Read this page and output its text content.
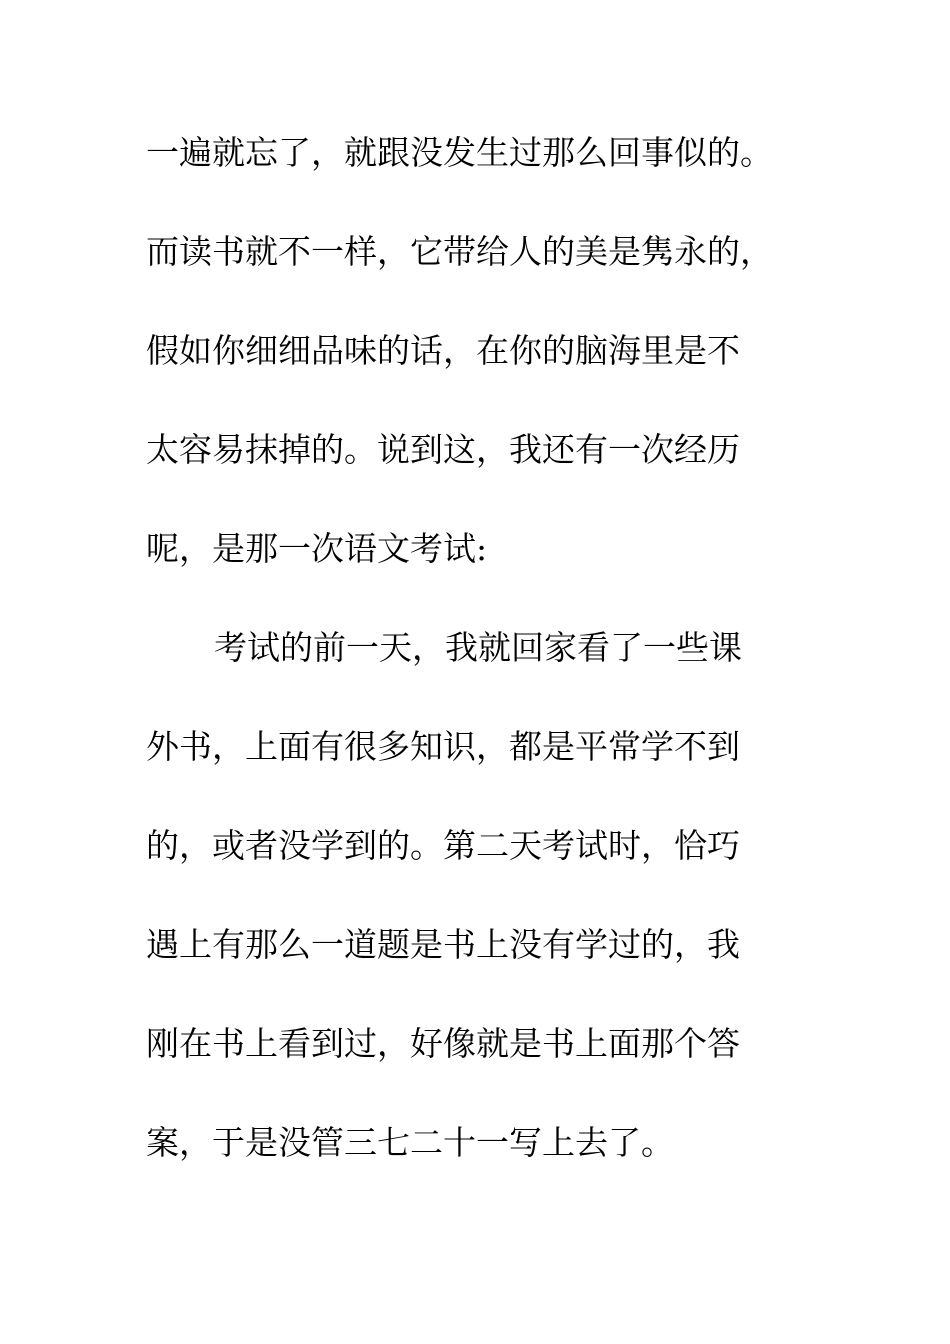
一遍就忘了，就跟没发生过那么回事似的。
而读书就不一样，它带给人的美是隽永的，
假如你细细品味的话，在你的脑海里是不
太容易抹掉的。说到这，我还有一次经历
呢，是那一次语文考试:
考试的前一天，我就回家看了一些课
外书，上面有很多知识，都是平常学不到
的，或者没学到的。第二天考试时，恰巧
遇上有那么一道题是书上没有学过的，我
刚在书上看到过，好像就是书上面那个答
案，于是没管三七二十一写上去了。
